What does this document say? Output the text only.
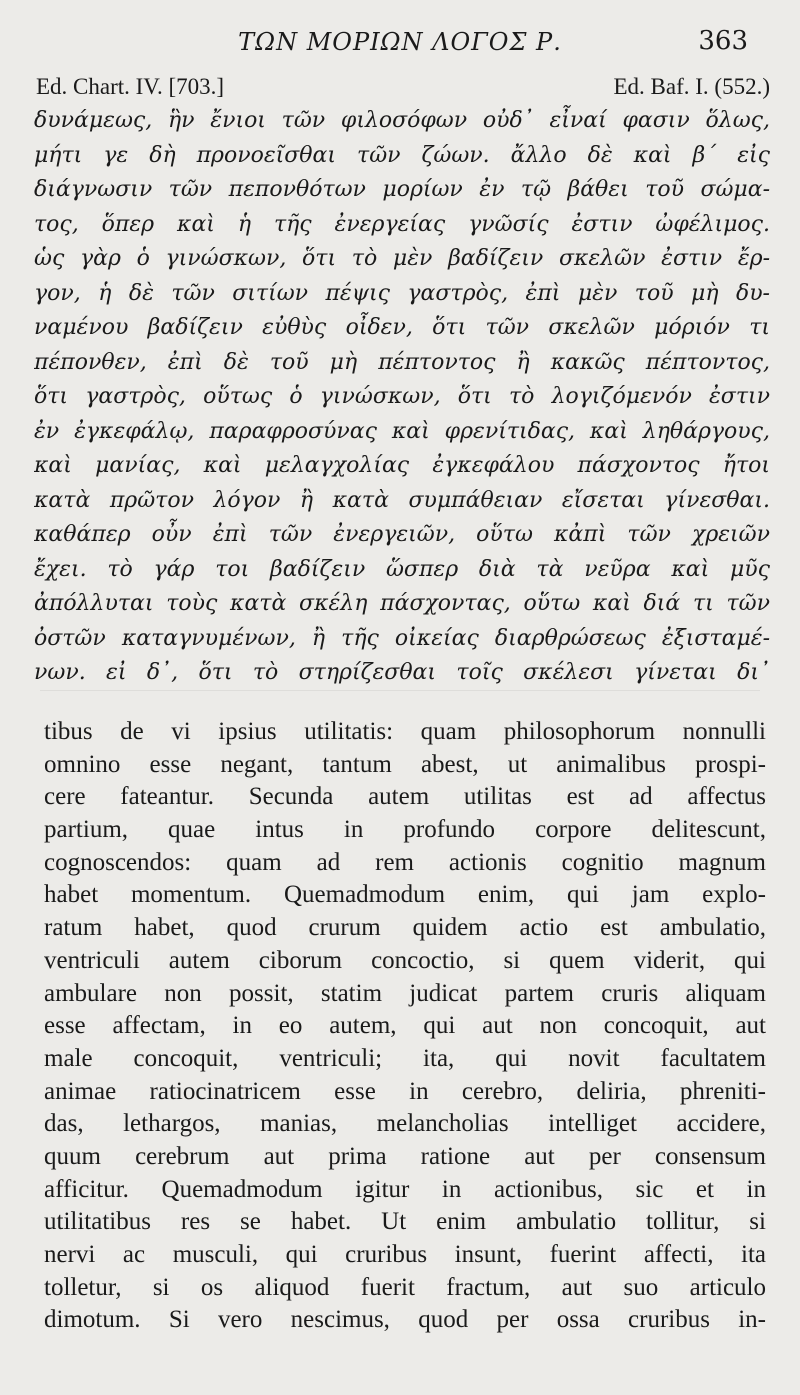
ΤΩΝ ΜΟΡΙΩΝ ΛΟΓΟΣ Ρ.	363
Ed. Chart. IV. [703.]	Ed. Baf. I. (552.)
δυνάμεως, ἣν ἔνιοι τῶν φιλοσόφων οὐδ᾽ εἶναί φασιν ὅλως,
μήτι γε δὴ προνοεῖσθαι τῶν ζώων. ἄλλο δὲ καὶ β´ εἰς
διάγνωσιν τῶν πεπονθότων μορίων ἐν τῷ βάθει τοῦ σώμα-
τος, ὅπερ καὶ ἡ τῆς ἐνεργείας γνῶσίς ἐστιν ὠφέλιμος.
ὡς γὰρ ὁ γινώσκων, ὅτι τὸ μὲν βαδίζειν σκελῶν ἐστιν ἔρ-
γον, ἡ δὲ τῶν σιτίων πέψις γαστρὸς, ἐπὶ μὲν τοῦ μὴ δυ-
ναμένου βαδίζειν εὐθὺς οἶδεν, ὅτι τῶν σκελῶν μόριόν τι
πέπονθεν, ἐπὶ δὲ τοῦ μὴ πέπτοντος ἢ κακῶς πέπτοντος,
ὅτι γαστρὸς, οὕτως ὁ γινώσκων, ὅτι τὸ λογιζόμενόν ἐστιν
ἐν ἐγκεφάλῳ, παραφροσύνας καὶ φρενίτιδας, καὶ ληθάργους,
καὶ μανίας, καὶ μελαγχολίας ἐγκεφάλου πάσχοντος ἤτοι
κατὰ πρῶτον λόγον ἢ κατὰ συμπάθειαν εἴσεται γίνεσθαι.
καθάπερ οὖν ἐπὶ τῶν ἐνεργειῶν, οὕτω κἀπὶ τῶν χρειῶν
ἔχει. τὸ γάρ τοι βαδίζειν ὥσπερ διὰ τὰ νεῦρα καὶ μῦς
ἀπόλλυται τοὺς κατὰ σκέλη πάσχοντας, οὕτω καὶ διά τι τῶν
ὀστῶν καταγνυμένων, ἢ τῆς οἰκείας διαρθρώσεως ἐξισταμέ-
νων. εἰ δ᾽, ὅτι τὸ στηρίζεσθαι τοῖς σκέλεσι γίνεται δι᾽
tibus de vi ipsius utilitatis: quam philosophorum nonnulli
omnino esse negant, tantum abest, ut animalibus prospi-
cere fateantur. Secunda autem utilitas est ad affectus
partium, quae intus in profundo corpore delitescunt,
cognoscendos: quam ad rem actionis cognitio magnum
habet momentum. Quemadmodum enim, qui jam explo-
ratum habet, quod crurum quidem actio est ambulatio,
ventriculi autem ciborum concoctio, si quem viderit, qui
ambulare non possit, statim judicat partem cruris aliquam
esse affectam, in eo autem, qui aut non concoquit, aut
male concoquit, ventriculi; ita, qui novit facultatem
animae ratiocinatricem esse in cerebro, deliria, phreniti-
das, lethargos, manias, melancholias intelliget accidere,
quum cerebrum aut prima ratione aut per consensum
afficitur. Quemadmodum igitur in actionibus, sic et in
utilitatibus res se habet. Ut enim ambulatio tollitur, si
nervi ac musculi, qui cruribus insunt, fuerint affecti, ita
tolletur, si os aliquod fuerit fractum, aut suo articulo
dimotum. Si vero nescimus, quod per ossa cruribus in-
